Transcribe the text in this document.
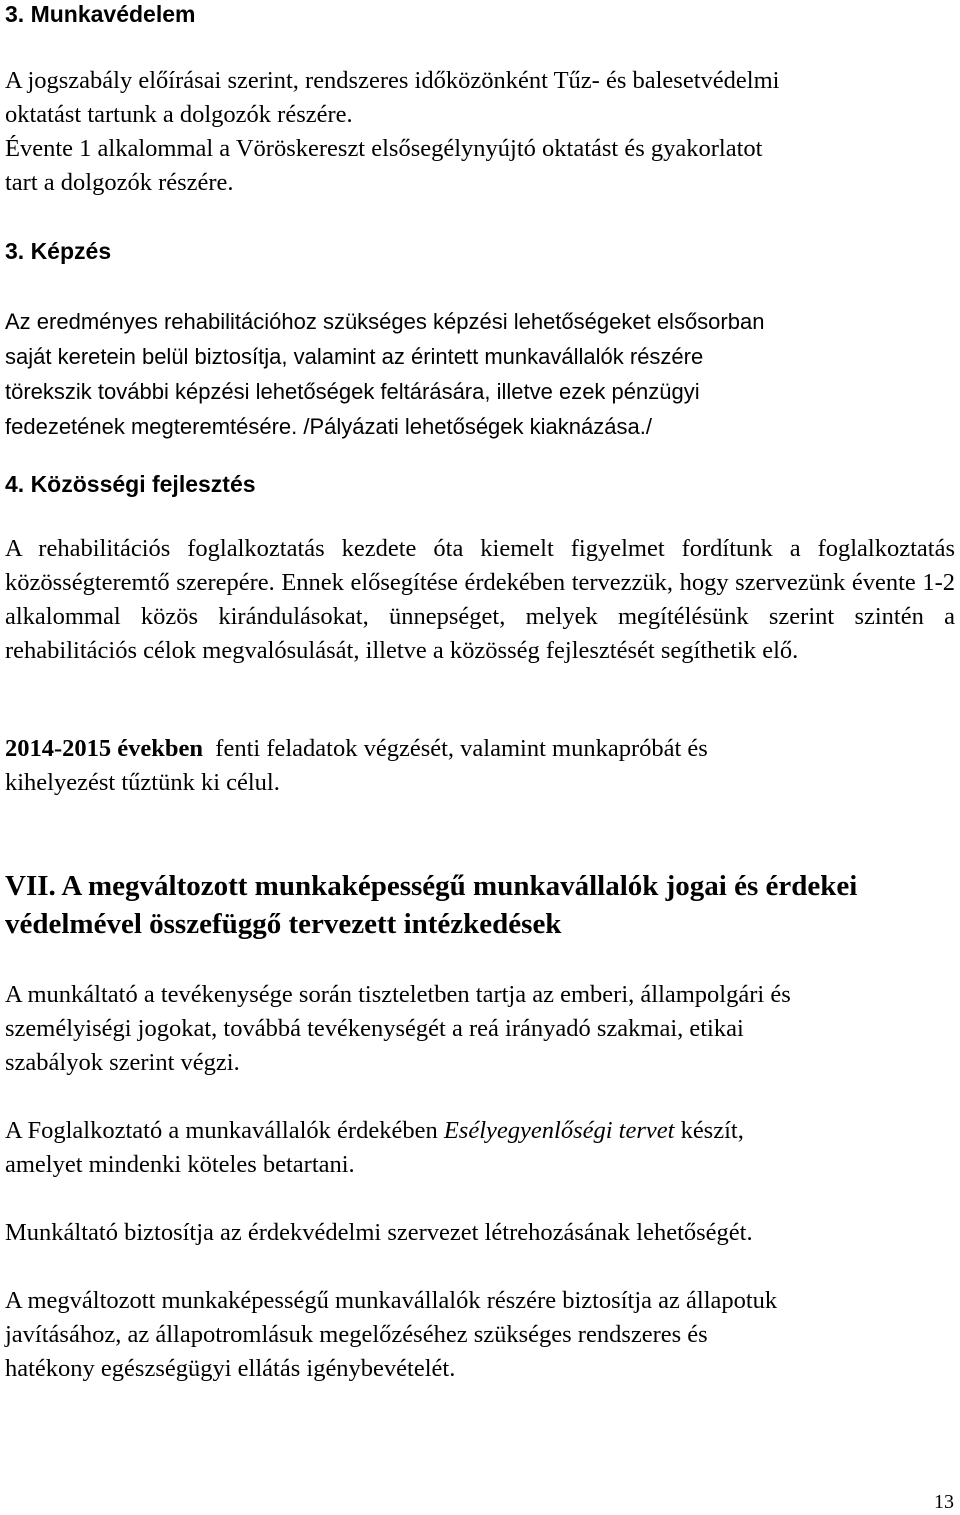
3. Munkavédelem
A jogszabály előírásai szerint, rendszeres időközönként Tűz- és balesetvédelmi
oktatást tartunk a dolgozók részére.
Évente 1 alkalommal a Vöröskereszt elsősegélynyújtó oktatást és gyakorlatot
tart a dolgozók részére.
3. Képzés
Az eredményes rehabilitációhoz szükséges képzési lehetőségeket elsősorban
saját keretein belül biztosítja, valamint az érintett munkavállalók részére
törekszik további képzési lehetőségek feltárására, illetve ezek pénzügyi
fedezetének megteremtésére. /Pályázati lehetőségek kiaknázása./
4. Közösségi fejlesztés

A rehabilitációs foglalkoztatás kezdete óta kiemelt figyelmet fordítunk a foglalkoztatás közösségteremtő szerepére. Ennek elősegítése érdekében tervezzük, hogy szervezünk évente 1-2 alkalommal közös kirándulásokat, ünnepséget, melyek megítélésünk szerint szintén a rehabilitációs célok megvalósulását, illetve a közösség fejlesztését segíthetik elő.

2014-2015 években  fenti feladatok végzését, valamint munkapróbát és
kihelyezést tűztünk ki célul.
VII. A megváltozott munkaképességű munkavállalók jogai és érdekei védelmével összefüggő tervezett intézkedések
A munkáltató a tevékenysége során tiszteletben tartja az emberi, állampolgári és
személyiségi jogokat, továbbá tevékenységét a reá irányadó szakmai, etikai
szabályok szerint végzi.
A Foglalkoztató a munkavállalók érdekében Esélyegyenlőségi tervet készít,
amelyet mindenki köteles betartani.
Munkáltató biztosítja az érdekvédelmi szervezet létrehozásának lehetőségét.
A megváltozott munkaképességű munkavállalók részére biztosítja az állapotuk
javításához, az állapotromlásuk megelőzéséhez szükséges rendszeres és
hatékony egészségügyi ellátás igénybevételét.
13
